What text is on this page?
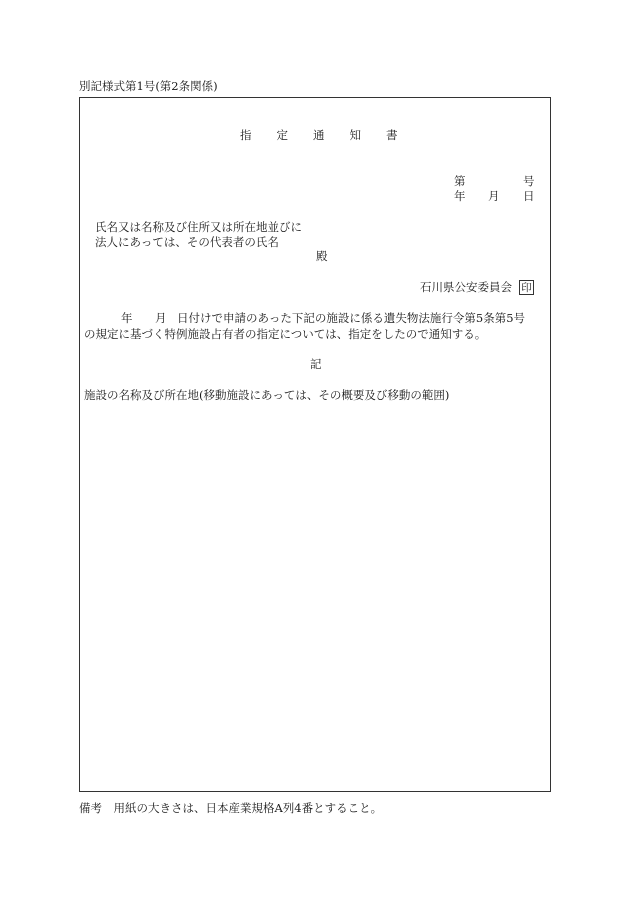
別記様式第1号(第2条関係)
指定通知書
第	号
年 月 日
氏名又は名称及び住所又は所在地並びに
法人にあっては、その代表者の氏名
殿
石川県公安委員会 印
年 月 日付けで申請のあった下記の施設に係る遺失物法施行令第5条第5号
の規定に基づく特例施設占有者の指定については、指定をしたので通知する。
記
施設の名称及び所在地(移動施設にあっては、その概要及び移動の範囲)
備考　用紙の大きさは、日本産業規格A列4番とすること。
